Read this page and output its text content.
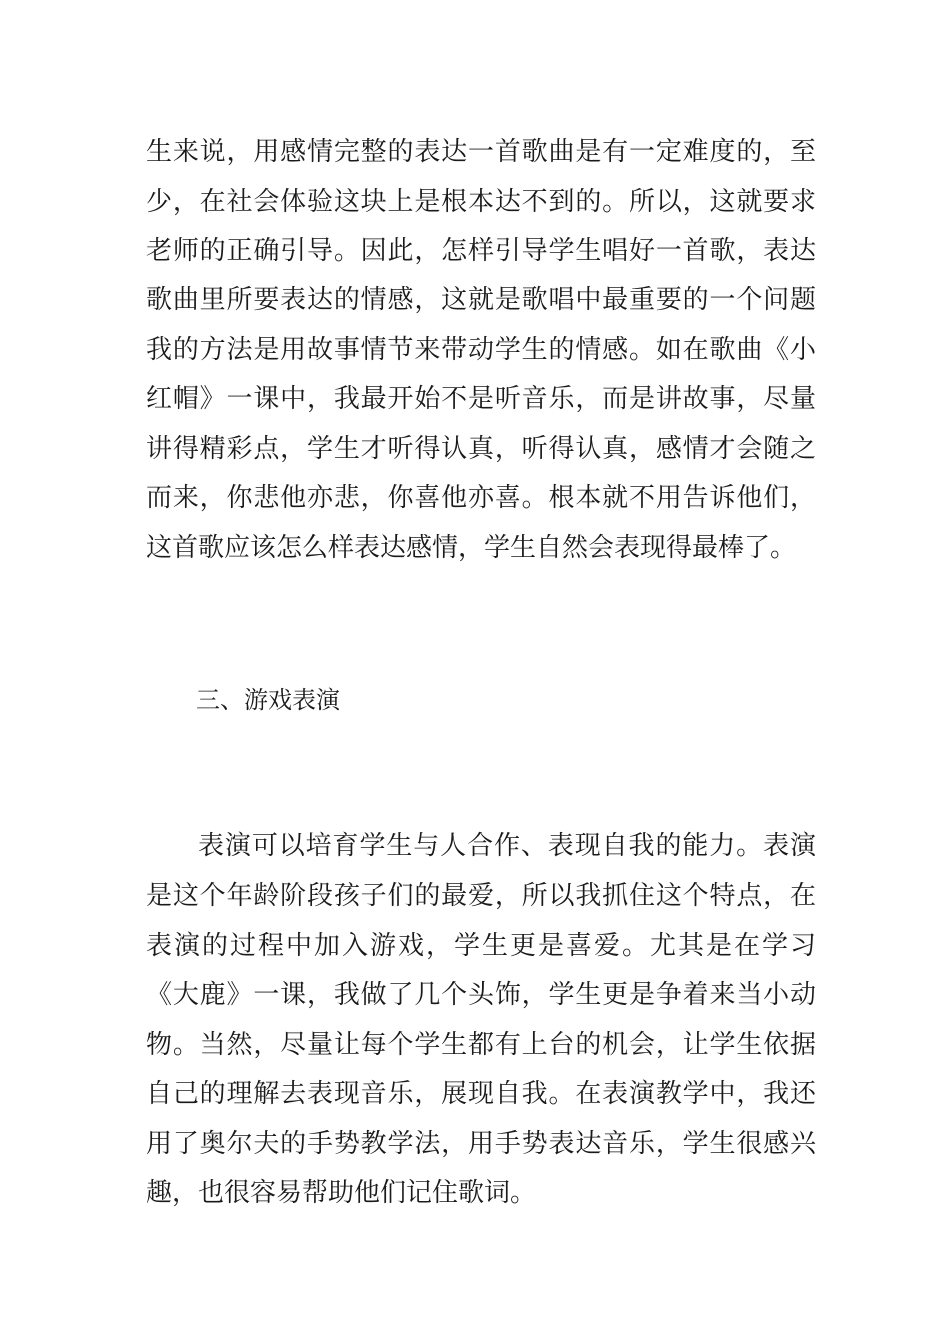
生来说，用感情完整的表达一首歌曲是有一定难度的，至
少，在社会体验这块上是根本达不到的。所以，这就要求
老师的正确引导。因此，怎样引导学生唱好一首歌，表达
歌曲里所要表达的情感，这就是歌唱中最重要的一个问题
我的方法是用故事情节来带动学生的情感。如在歌曲《小
红帽》一课中，我最开始不是听音乐，而是讲故事，尽量
讲得精彩点，学生才听得认真，听得认真，感情才会随之
而来，你悲他亦悲，你喜他亦喜。根本就不用告诉他们，
这首歌应该怎么样表达感情，学生自然会表现得最棒了。
三、游戏表演
表演可以培育学生与人合作、表现自我的能力。表演
是这个年龄阶段孩子们的最爱，所以我抓住这个特点，在
表演的过程中加入游戏，学生更是喜爱。尤其是在学习
《大鹿》一课，我做了几个头饰，学生更是争着来当小动
物。当然，尽量让每个学生都有上台的机会，让学生依据
自己的理解去表现音乐，展现自我。在表演教学中，我还
用了奥尔夫的手势教学法，用手势表达音乐，学生很感兴
趣，也很容易帮助他们记住歌词。
